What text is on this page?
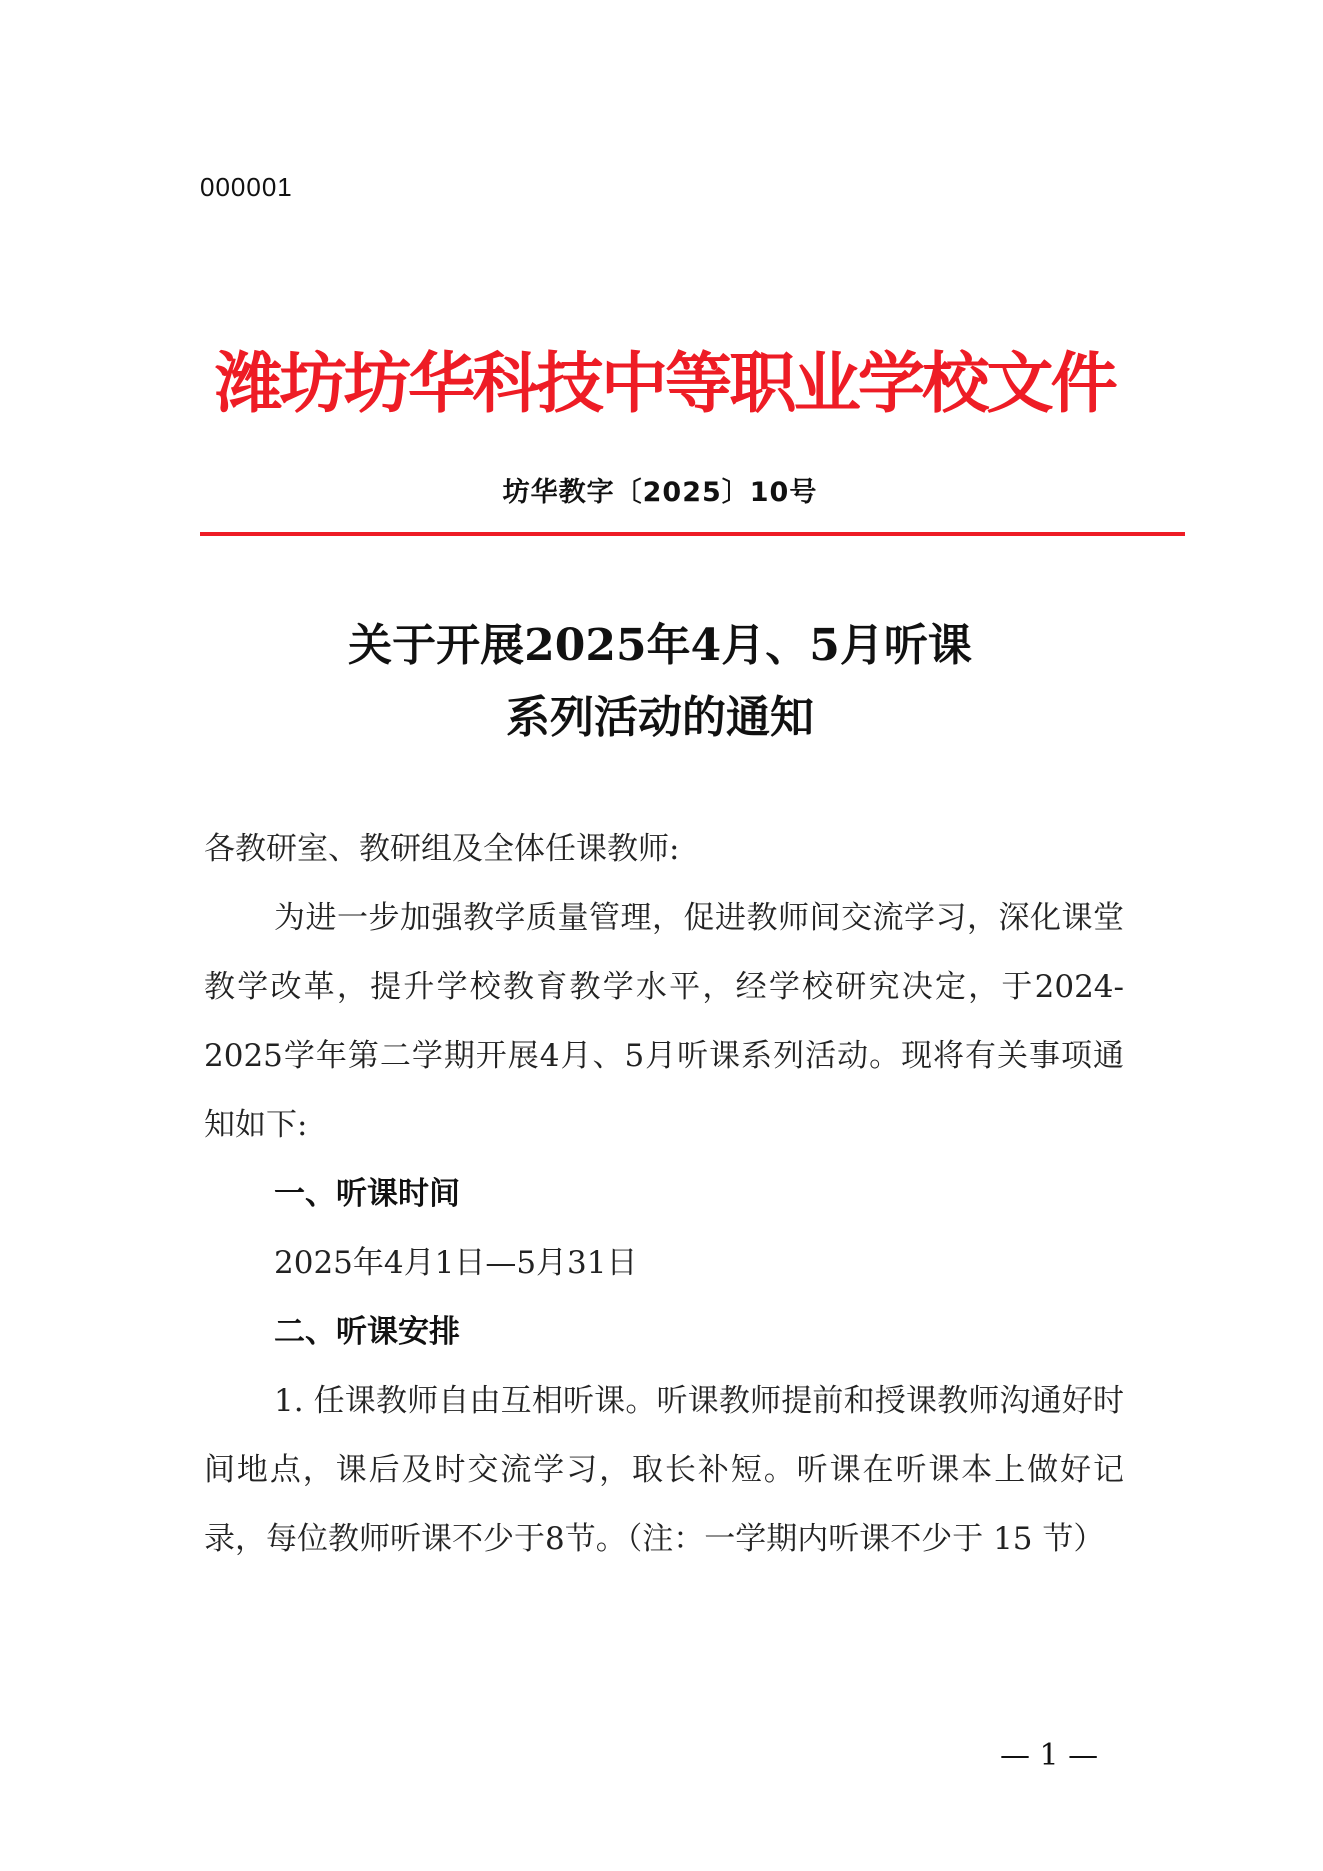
000001
潍坊坊华科技中等职业学校文件
坊华教字〔2025〕10号
关于开展2025年4月、5月听课
系列活动的通知

各教研室、教研组及全体任课教师:

为进一步加强教学质量管理，促进教师间交流学习，深化课堂教学改革，提升学校教育教学水平，经学校研究决定，于2024-2025学年第二学期开展4月、5月听课系列活动。现将有关事项通知如下:

一、听课时间

2025年4月1日—5月31日

二、听课安排

1. 任课教师自由互相听课。听课教师提前和授课教师沟通好时间地点，课后及时交流学习，取长补短。听课在听课本上做好记录，每位教师听课不少于8节。（注：一学期内听课不少于 15 节）

— 1 —
